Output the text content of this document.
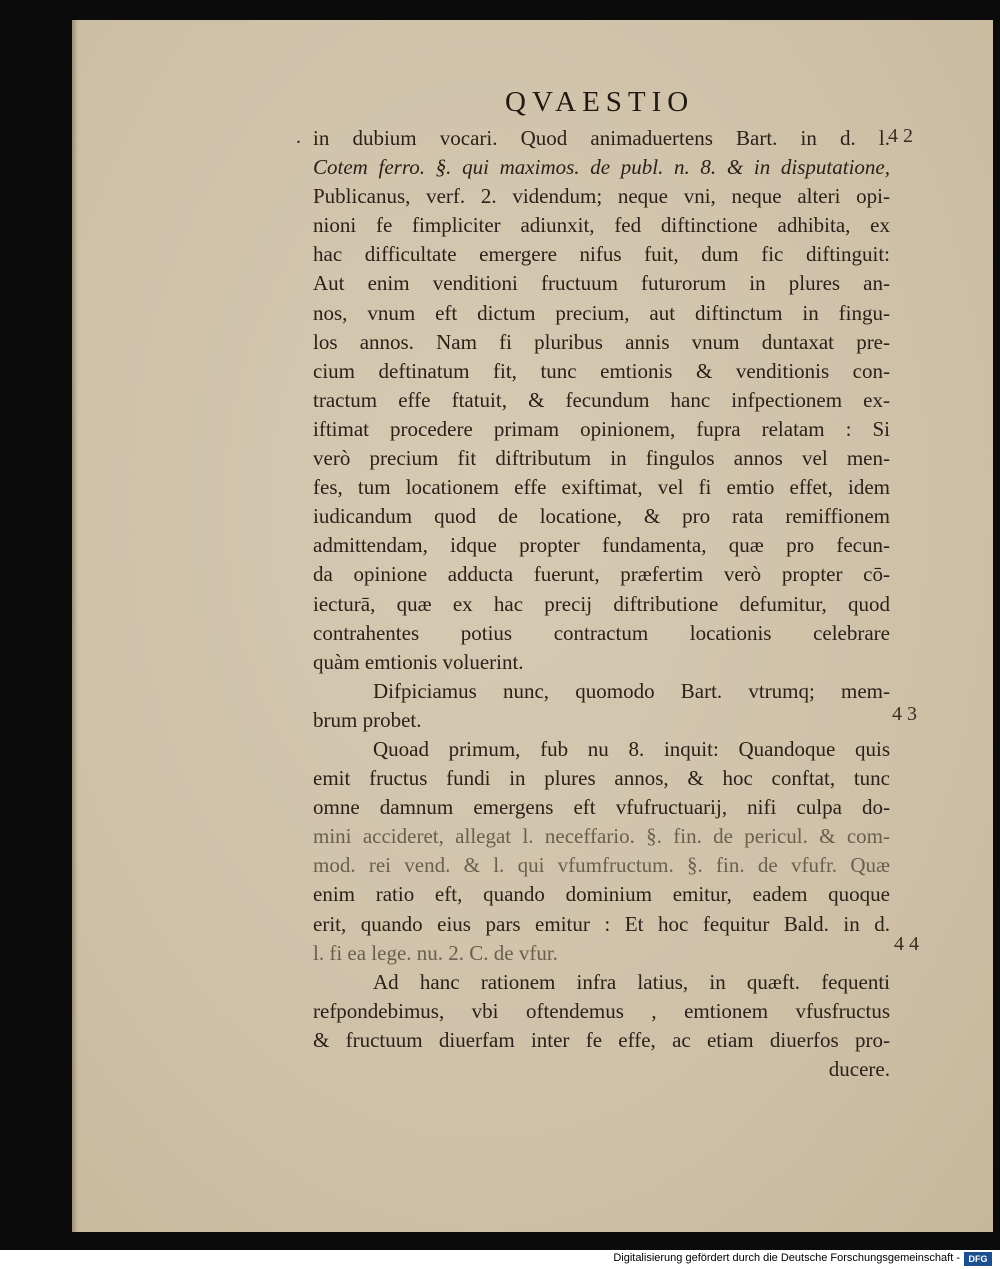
QVAESTIO
. in dubium vocari. Quod animaduertens Bart. in d. l.
Cotem ferro. §. qui maximos. de publ. n. 8. & in disputatione,
Publicanus, verf. 2. videndum; neque vni, neque alteri opi-
nioni fe fimpliciter adiunxit, fed diftinctione adhibita, ex
hac difficultate emergere nifus fuit, dum fic diftinguit:
Aut enim venditioni fructuum futurorum in plures an-
nos, vnum eft dictum precium, aut diftinctum in fingu-
los annos. Nam fi pluribus annis vnum duntaxat pre-
cium deftinatum fit, tunc emtionis & venditionis con-
tractum effe ftatuit, & fecundum hanc infpectionem ex-
iftimat procedere primam opinionem, fupra relatam : Si
verò precium fit diftributum in fingulos annos vel men-
fes, tum locationem effe exiftimat, vel fi emtio effet, idem
iudicandum quod de locatione, & pro rata remiffionem
admittendam, idque propter fundamenta, quæ pro fecun-
da opinione adducta fuerunt, præfertim verò propter cō-
iecturā, quæ ex hac precij diftributione defumitur, quod
contrahentes potius contractum locationis celebrare
quàm emtionis voluerint.
Difpiciamus nunc, quomodo Bart. vtrumq; mem-
brum probet.
Quoad primum, fub nu 8. inquit: Quandoque quis
emit fructus fundi in plures annos, & hoc conftat, tunc
omne damnum emergens eft vfufructuarij, nifi culpa do-
mini accideret, allegat l. neceffario. §. fin. de pericul. & com-
mod. rei vend. & l. qui vfumfructum. §. fin. de vfufr. Quæ
enim ratio eft, quando dominium emitur, eadem quoque
erit, quando eius pars emitur : Et hoc fequitur Bald. in d.
l. fi ea lege. nu. 2. C. de vfur.
Ad hanc rationem infra latius, in quæft. fequenti
refpondebimus, vbi oftendemus , emtionem vfusfructus
& fructuum diuerfam inter fe effe, ac etiam diuerfos pro-
ducere.
4 2
4 3
4 4
Digitalisierung gefördert durch die Deutsche Forschungsgemeinschaft - DFG
